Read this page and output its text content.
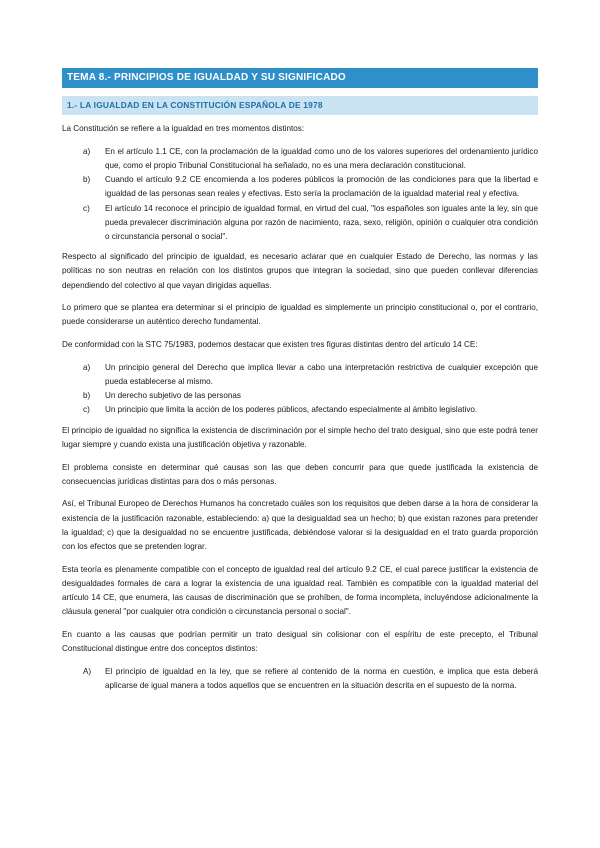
TEMA 8.- PRINCIPIOS DE IGUALDAD Y SU SIGNIFICADO
1.- LA IGUALDAD EN LA CONSTITUCIÓN ESPAÑOLA DE 1978

La Constitución se refiere a la igualdad en tres momentos distintos:

a)	En el artículo 1.1 CE, con la proclamación de la igualdad como uno de los valores superiores del ordenamiento jurídico que, como el propio Tribunal Constitucional ha señalado, no es una mera declaración constitucional.
b)	Cuando el artículo 9.2 CE encomienda a los poderes públicos la promoción de las condiciones para que la libertad e igualdad de las personas sean reales y efectivas. Esto sería la proclamación de la igualdad material real y efectiva.
c)	El artículo 14 reconoce el principio de igualdad formal, en virtud del cual, "los españoles son iguales ante la ley, sin que pueda prevalecer discriminación alguna por razón de nacimiento, raza, sexo, religión, opinión o cualquier otra condición o circunstancia personal o social".

Respecto al significado del principio de igualdad, es necesario aclarar que en cualquier Estado de Derecho, las normas y las políticas no son neutras en relación con los distintos grupos que integran la sociedad, sino que pueden conllevar diferencias dependiendo del colectivo al que vayan dirigidas aquellas.

Lo primero que se plantea era determinar si el principio de igualdad es simplemente un principio constitucional o, por el contrario, puede considerarse un auténtico derecho fundamental.

De conformidad con la STC 75/1983, podemos destacar que existen tres figuras distintas dentro del artículo 14 CE:

a)	Un principio general del Derecho que implica llevar a cabo una interpretación restrictiva de cualquier excepción que pueda establecerse al mismo.
b)	Un derecho subjetivo de las personas
c)	Un principio que limita la acción de los poderes públicos, afectando especialmente al ámbito legislativo.

El principio de igualdad no significa la existencia de discriminación por el simple hecho del trato desigual, sino que este podrá tener lugar siempre y cuando exista una justificación objetiva y razonable.

El problema consiste en determinar qué causas son las que deben concurrir para que quede justificada la existencia de consecuencias jurídicas distintas para dos o más personas.

Así, el Tribunal Europeo de Derechos Humanos ha concretado cuáles son los requisitos que deben darse a la hora de considerar la existencia de la justificación razonable, estableciendo: a) que la desigualdad sea un hecho; b) que existan razones para pretender la igualdad; c) que la desigualdad no se encuentre justificada, debiéndose valorar si la desigualdad en el trato guarda proporción con los efectos que se pretenden lograr.

Esta teoría es plenamente compatible con el concepto de igualdad real del artículo 9.2 CE, el cual parece justificar la existencia de desigualdades formales de cara a lograr la existencia de una igualdad real. También es compatible con la igualdad material del artículo 14 CE, que enumera, las causas de discriminación que se prohíben, de forma incompleta, incluyéndose adicionalmente la cláusula general "por cualquier otra condición o circunstancia personal o social".

En cuanto a las causas que podrían permitir un trato desigual sin colisionar con el espíritu de este precepto, el Tribunal Constitucional distingue entre dos conceptos distintos:

A)	El principio de igualdad en la ley, que se refiere al contenido de la norma en cuestión, e implica que esta deberá aplicarse de igual manera a todos aquellos que se encuentren en la situación descrita en el supuesto de la norma.
